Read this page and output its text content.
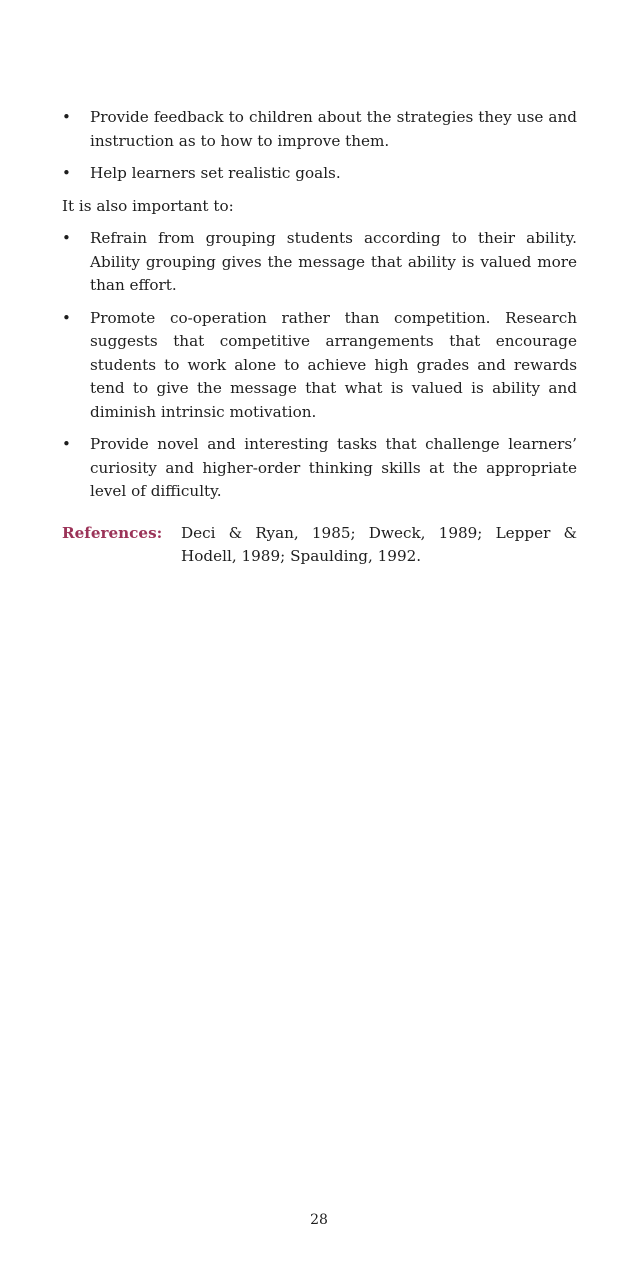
•	Provide feedback to children about the strategies they use and instruction as to how to improve them.
•	Help learners set realistic goals.

It is also important to:

•	Refrain from grouping students according to their ability. Ability grouping gives the message that ability is valued more than effort.
•	Promote co-operation rather than competition. Research suggests that competitive arrangements that encourage students to work alone to achieve high grades and rewards tend to give the message that what is valued is ability and diminish intrinsic motivation.
•	Provide novel and interesting tasks that challenge learners’ curiosity and higher-order thinking skills at the appropriate level of difficulty.
References:	Deci & Ryan, 1985; Dweck, 1989; Lepper & Hodell, 1989; Spaulding, 1992.
28
